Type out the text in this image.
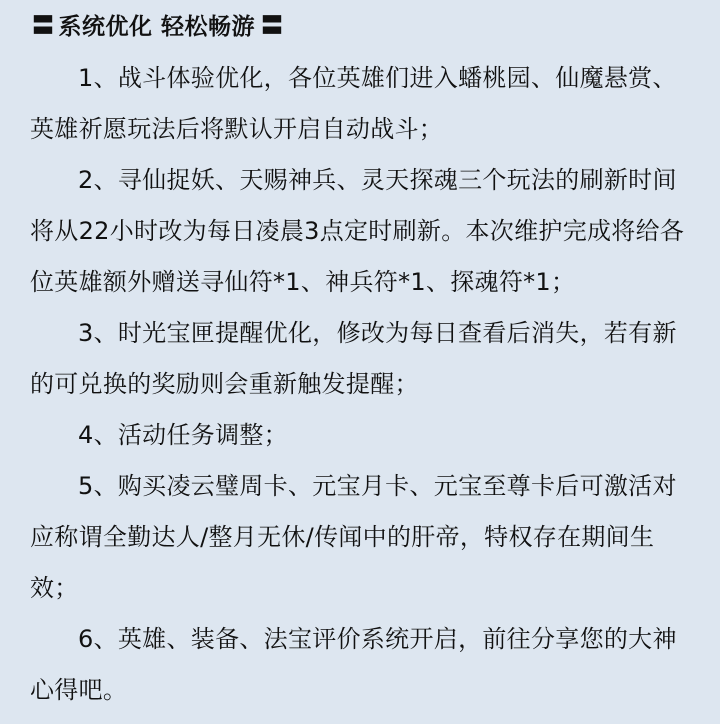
〓 系统优化 轻松畅游 〓

1、战斗体验优化，各位英雄们进入蟠桃园、仙魔悬赏、英雄祈愿玩法后将默认开启自动战斗；

2、寻仙捉妖、天赐神兵、灵天探魂三个玩法的刷新时间将从22小时改为每日凌晨3点定时刷新。本次维护完成将给各位英雄额外赠送寻仙符*1、神兵符*1、探魂符*1；

3、时光宝匣提醒优化，修改为每日查看后消失，若有新的可兑换的奖励则会重新触发提醒；

4、活动任务调整；

5、购买凌云璧周卡、元宝月卡、元宝至尊卡后可激活对应称谓全勤达人/整月无休/传闻中的肝帝，特权存在期间生效；

6、英雄、装备、法宝评价系统开启，前往分享您的大神心得吧。
